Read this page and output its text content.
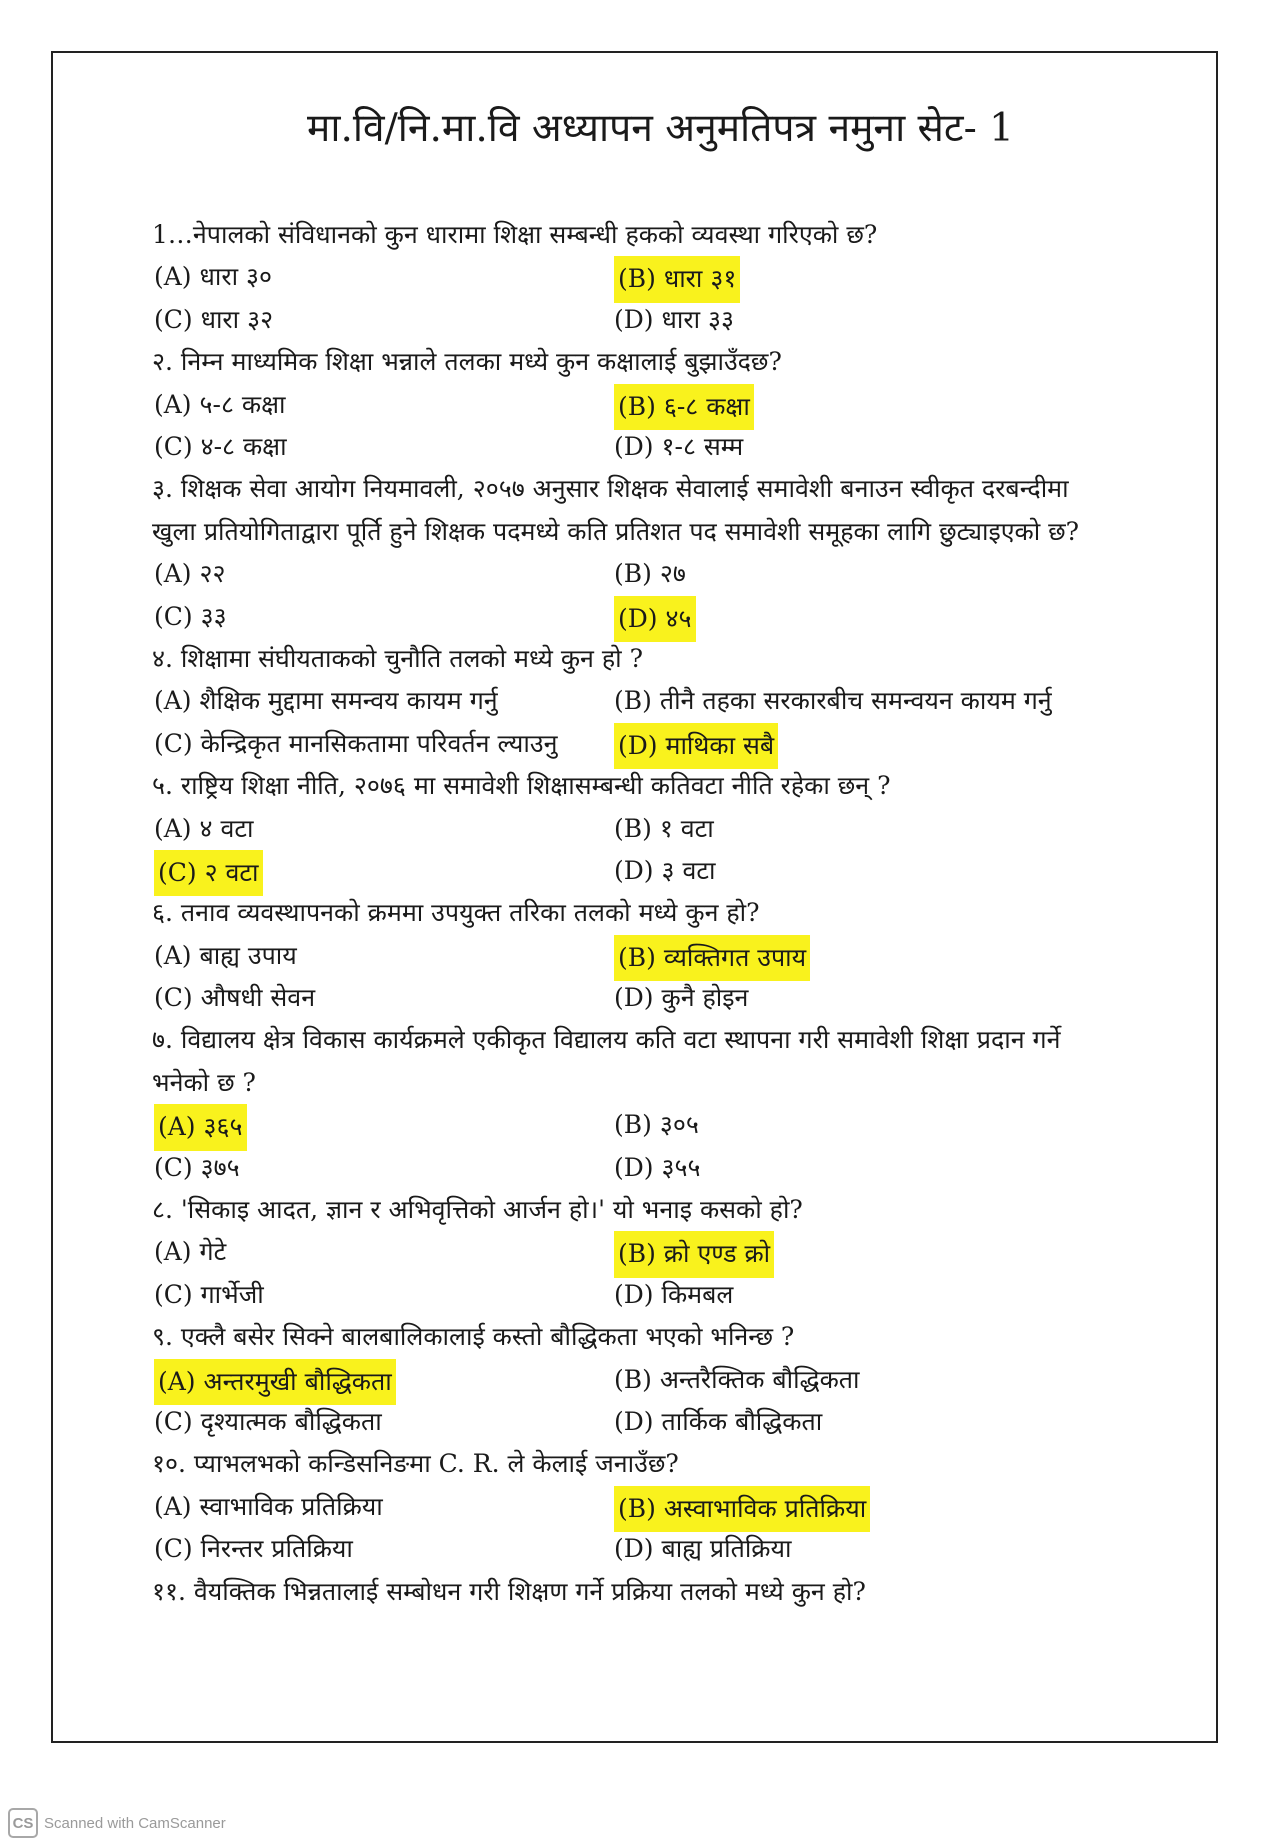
मा.वि/नि.मा.वि अध्यापन अनुमतिपत्र नमुना सेट- 1
1…नेपालको संविधानको कुन धारामा शिक्षा सम्बन्धी हकको व्यवस्था गरिएको छ?
(A) धारा ३०	(B) धारा ३१
(C) धारा ३२	(D) धारा ३३
२. निम्न माध्यमिक शिक्षा भन्नाले तलका मध्ये कुन कक्षालाई बुझाउँदछ?
(A) ५-८ कक्षा	(B) ६-८ कक्षा
(C) ४-८ कक्षा	(D) १-८ सम्म
३. शिक्षक सेवा आयोग नियमावली, २०५७ अनुसार शिक्षक सेवालाई समावेशी बनाउन स्वीकृत दरबन्दीमा खुला प्रतियोगिताद्वारा पूर्ति हुने शिक्षक पदमध्ये कति प्रतिशत पद समावेशी समूहका लागि छुट्याइएको छ?
(A) २२	(B) २७
(C) ३३	(D) ४५
४. शिक्षामा संघीयताकको चुनौति तलको मध्ये कुन हो ?
(A) शैक्षिक मुद्दामा समन्वय कायम गर्नु	(B) तीनै तहका सरकारबीच समन्वयन कायम गर्नु
(C) केन्द्रिकृत मानसिकतामा परिवर्तन ल्याउनु (D) माथिका सबै
५. राष्ट्रिय शिक्षा नीति, २०७६ मा समावेशी शिक्षासम्बन्धी कतिवटा नीति रहेका छन् ?
(A) ४ वटा	(B) १ वटा
(C) २ वटा	(D) ३ वटा
६. तनाव व्यवस्थापनको क्रममा उपयुक्त तरिका तलको मध्ये कुन हो?
(A) बाह्य उपाय	(B) व्यक्तिगत उपाय
(C) औषधी सेवन	(D) कुनै होइन
७. विद्यालय क्षेत्र विकास कार्यक्रमले एकीकृत विद्यालय कति वटा स्थापना गरी समावेशी शिक्षा प्रदान गर्ने भनेको छ ?
(A) ३६५	(B) ३०५
(C) ३७५	(D) ३५५
८. 'सिकाइ आदत, ज्ञान र अभिवृत्तिको आर्जन हो।' यो भनाइ कसको हो?
(A) गेटे	(B) क्रो एण्ड क्रो
(C) गार्भेजी	(D) किमबल
९. एक्लै बसेर सिक्ने बालबालिकालाई कस्तो बौद्धिकता भएको भनिन्छ ?
(A) अन्तरमुखी बौद्धिकता	(B) अन्तरैक्तिक बौद्धिकता
(C) दृश्यात्मक बौद्धिकता	(D) तार्किक बौद्धिकता
१०. प्याभलभको कन्डिसनिङमा C. R. ले केलाई जनाउँछ?
(A) स्वाभाविक प्रतिक्रिया	(B) अस्वाभाविक प्रतिक्रिया
(C) निरन्तर प्रतिक्रिया	(D) बाह्य प्रतिक्रिया
११. वैयक्तिक भिन्नतालाई सम्बोधन गरी शिक्षण गर्ने प्रक्रिया तलको मध्ये कुन हो?
CS Scanned with CamScanner
